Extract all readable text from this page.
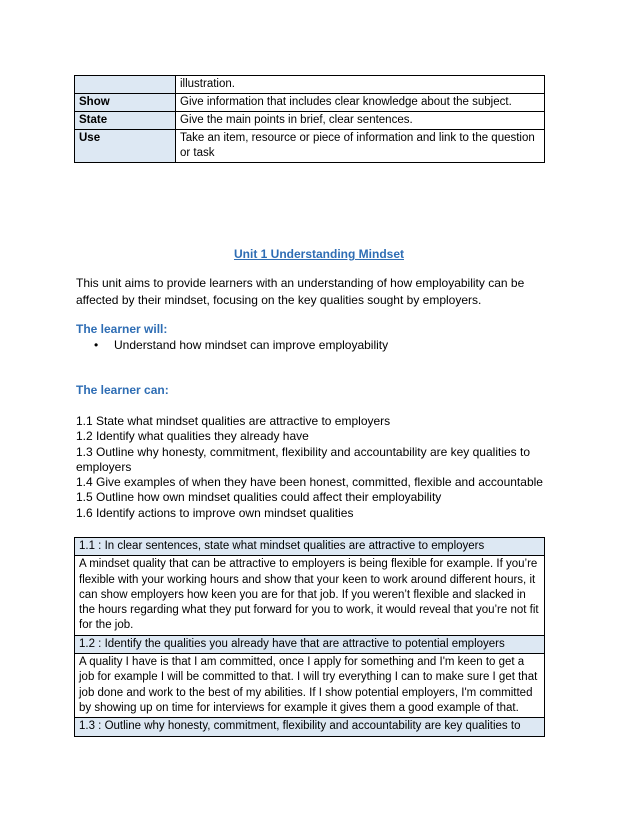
	illustration.
Show	Give information that includes clear knowledge about the subject.
State	Give the main points in brief, clear sentences.
Use	Take an item, resource or piece of information and link to the question or task
Unit 1 Understanding Mindset

This unit aims to provide learners with an understanding of how employability can be affected by their mindset, focusing on the key qualities sought by employers.

The learner will:
• Understand how mindset can improve employability
The learner can:
1.1 State what mindset qualities are attractive to employers
1.2 Identify what qualities they already have
1.3 Outline why honesty, commitment, flexibility and accountability are key qualities to employers
1.4 Give examples of when they have been honest, committed, flexible and accountable
1.5 Outline how own mindset qualities could affect their employability
1.6 Identify actions to improve own mindset qualities
1.1 : In clear sentences, state what mindset qualities are attractive to employers
A mindset quality that can be attractive to employers is being flexible for example. If you’re flexible with your working hours and show that your keen to work around different hours, it can show employers how keen you are for that job. If you weren’t flexible and slacked in the hours regarding what they put forward for you to work, it would reveal that you’re not fit for the job.
1.2 : Identify the qualities you already have that are attractive to potential employers
A quality I have is that I am committed, once I apply for something and I'm keen to get a job for example I will be committed to that. I will try everything I can to make sure I get that job done and work to the best of my abilities. If I show potential employers, I'm committed by showing up on time for interviews for example it gives them a good example of that.
1.3 : Outline why honesty, commitment, flexibility and accountability are key qualities to
